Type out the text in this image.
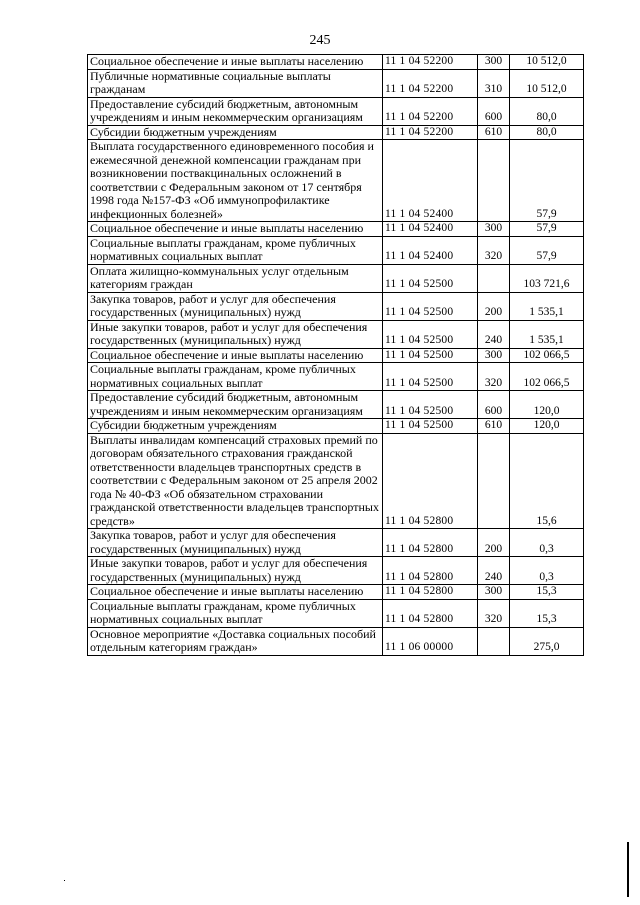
245
Социальное обеспечение и иные выплаты населению	11 1 04 52200	300	10 512,0
Публичные нормативные социальные выплаты гражданам	11 1 04 52200	310	10 512,0
Предоставление субсидий бюджетным, автономным учреждениям и иным некоммерческим организациям	11 1 04 52200	600	80,0
Субсидии бюджетным учреждениям	11 1 04 52200	610	80,0
Выплата государственного единовременного пособия и ежемесячной денежной компенсации гражданам при возникновении поствакцинальных осложнений в соответствии с Федеральным законом от 17 сентября 1998 года №157-ФЗ «Об иммунопрофилактике инфекционных болезней»	11 1 04 52400		57,9
Социальное обеспечение и иные выплаты населению	11 1 04 52400	300	57,9
Социальные выплаты гражданам, кроме публичных нормативных социальных выплат	11 1 04 52400	320	57,9
Оплата жилищно-коммунальных услуг отдельным категориям граждан	11 1 04 52500		103 721,6
Закупка товаров, работ и услуг для обеспечения государственных (муниципальных) нужд	11 1 04 52500	200	1 535,1
Иные закупки товаров, работ и услуг для обеспечения государственных (муниципальных) нужд	11 1 04 52500	240	1 535,1
Социальное обеспечение и иные выплаты населению	11 1 04 52500	300	102 066,5
Социальные выплаты гражданам, кроме публичных нормативных социальных выплат	11 1 04 52500	320	102 066,5
Предоставление субсидий бюджетным, автономным учреждениям и иным некоммерческим организациям	11 1 04 52500	600	120,0
Субсидии бюджетным учреждениям	11 1 04 52500	610	120,0
Выплаты инвалидам компенсаций страховых премий по договорам обязательного страхования гражданской ответственности владельцев транспортных средств в соответствии с Федеральным законом от 25 апреля 2002 года № 40-ФЗ «Об обязательном страховании гражданской ответственности владельцев транспортных средств»	11 1 04 52800		15,6
Закупка товаров, работ и услуг для обеспечения государственных (муниципальных) нужд	11 1 04 52800	200	0,3
Иные закупки товаров, работ и услуг для обеспечения государственных (муниципальных) нужд	11 1 04 52800	240	0,3
Социальное обеспечение и иные выплаты населению	11 1 04 52800	300	15,3
Социальные выплаты гражданам, кроме публичных нормативных социальных выплат	11 1 04 52800	320	15,3
Основное мероприятие «Доставка социальных пособий отдельным категориям граждан»	11 1 06 00000		275,0
